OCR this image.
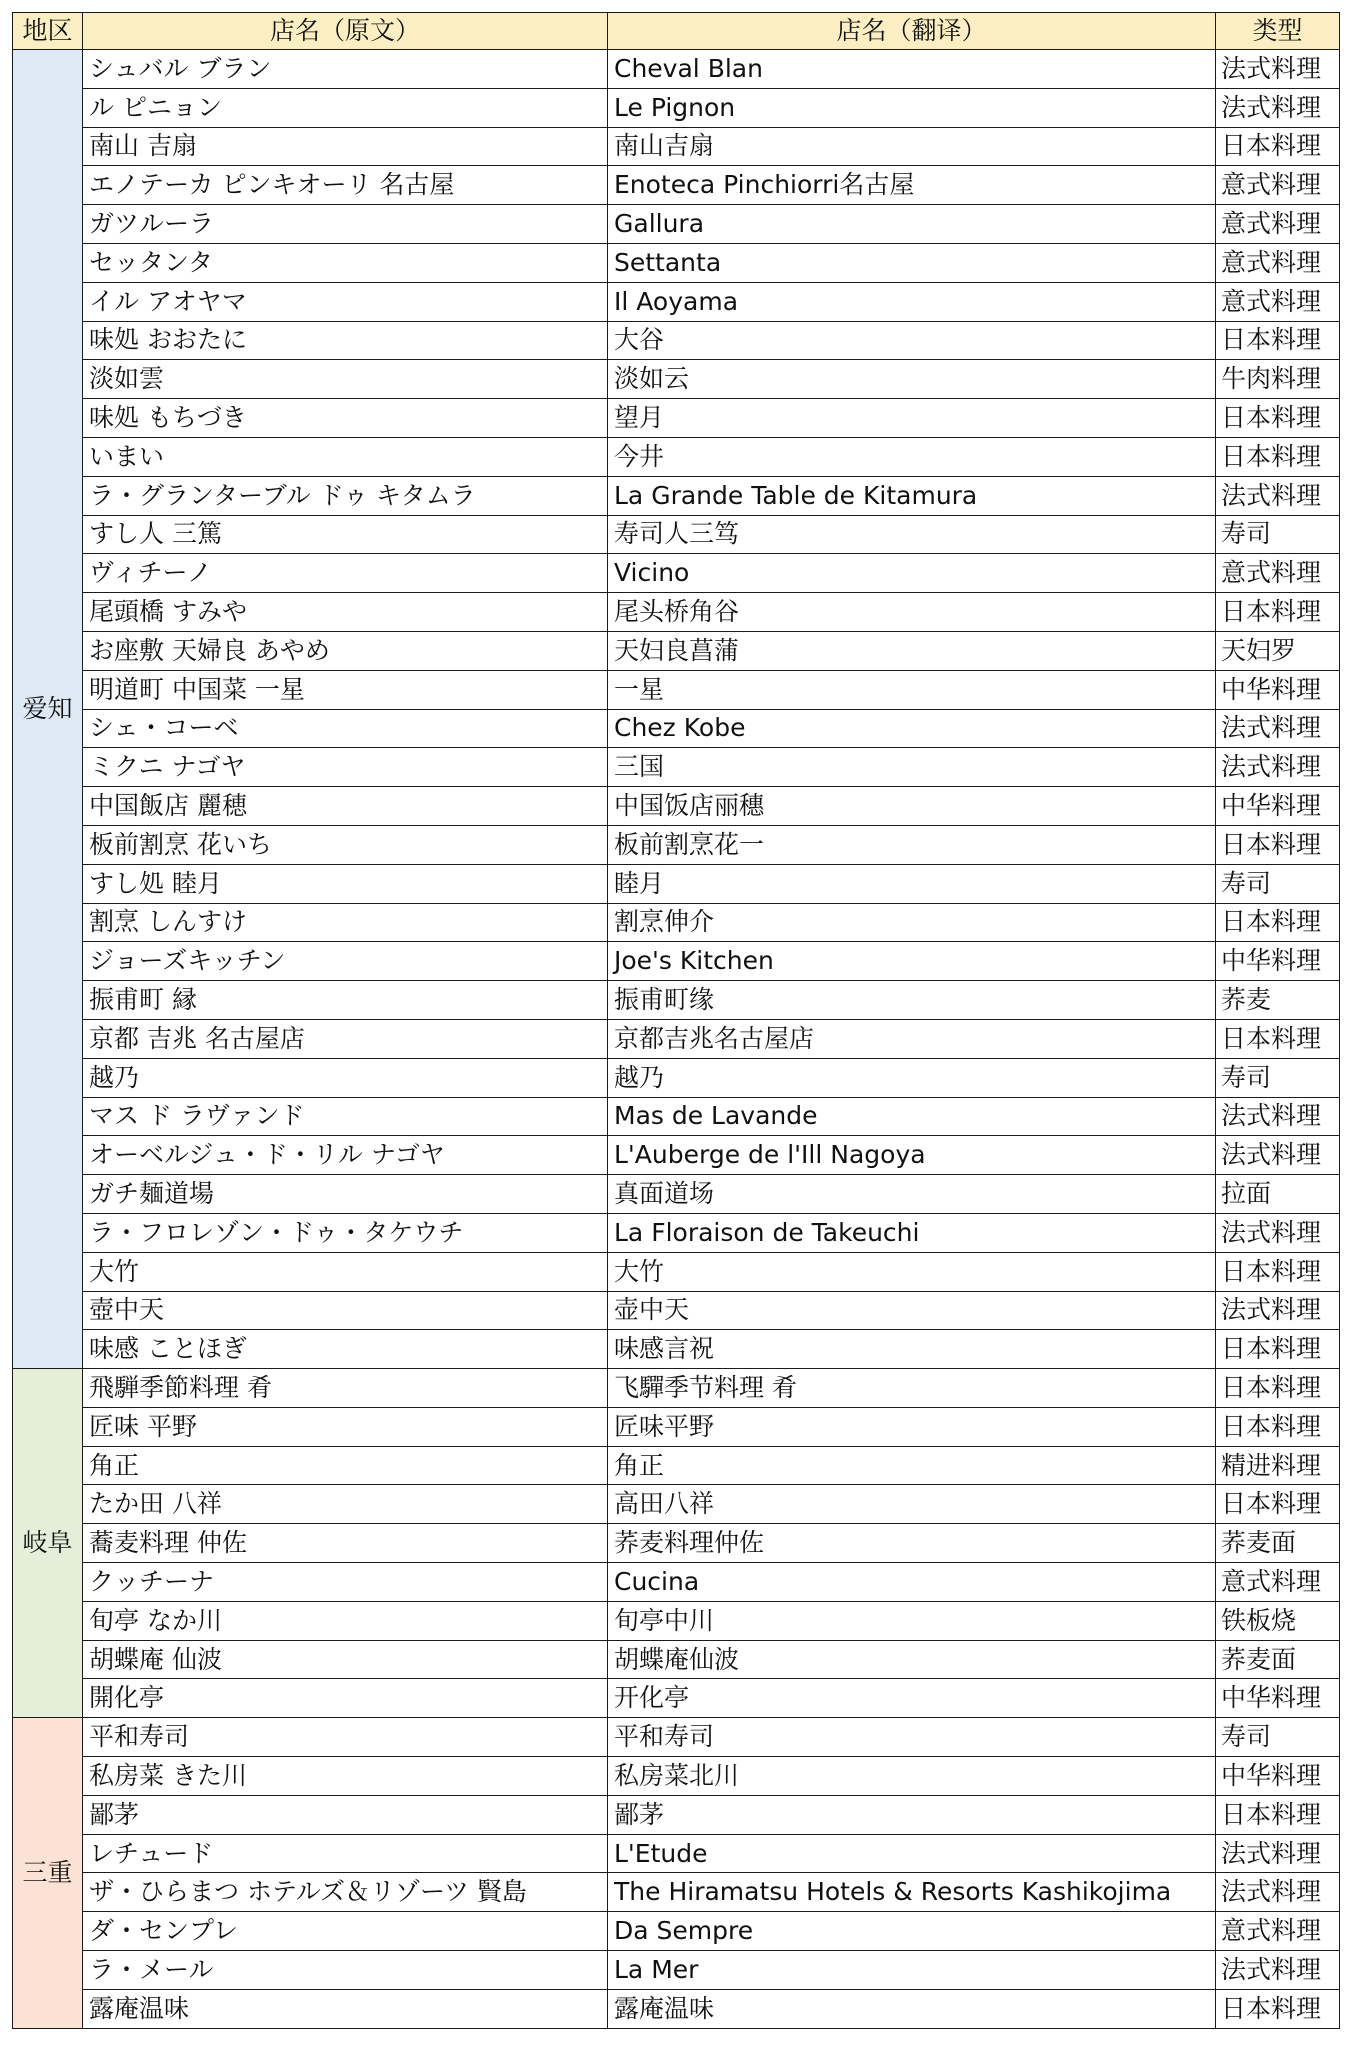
地区	店名（原文）	店名（翻译）	类型
爱知	シュバル ブラン	Cheval Blan	法式料理
	ル ピニョン	Le Pignon	法式料理
	南山 吉扇	南山吉扇	日本料理
	エノテーカ ピンキオーリ 名古屋	Enoteca Pinchiorri名古屋	意式料理
	ガツルーラ	Gallura	意式料理
	セッタンタ	Settanta	意式料理
	イル アオヤマ	Il Aoyama	意式料理
	味処 おおたに	大谷	日本料理
	淡如雲	淡如云	牛肉料理
	味処 もちづき	望月	日本料理
	いまい	今井	日本料理
	ラ・グランターブル ドゥ キタムラ	La Grande Table de Kitamura	法式料理
	すし人 三篤	寿司人三笃	寿司
	ヴィチーノ	Vicino	意式料理
	尾頭橋 すみや	尾头桥角谷	日本料理
	お座敷 天婦良 あやめ	天妇良菖蒲	天妇罗
	明道町 中国菜 一星	一星	中华料理
	シェ・コーベ	Chez Kobe	法式料理
	ミクニ ナゴヤ	三国	法式料理
	中国飯店 麗穂	中国饭店丽穗	中华料理
	板前割烹 花いち	板前割烹花一	日本料理
	すし処 睦月	睦月	寿司
	割烹 しんすけ	割烹伸介	日本料理
	ジョーズキッチン	Joe's Kitchen	中华料理
	振甫町 縁	振甫町缘	荞麦
	京都 吉兆 名古屋店	京都吉兆名古屋店	日本料理
	越乃	越乃	寿司
	マス ド ラヴァンド	Mas de Lavande	法式料理
	オーベルジュ・ド・リル ナゴヤ	L'Auberge de l'Ill Nagoya	法式料理
	ガチ麺道場	真面道场	拉面
	ラ・フロレゾン・ドゥ・タケウチ	La Floraison de Takeuchi	法式料理
	大竹	大竹	日本料理
	壺中天	壶中天	法式料理
	味感 ことほぎ	味感言祝	日本料理
岐阜	飛騨季節料理 肴	飞驒季节料理 肴	日本料理
	匠味 平野	匠味平野	日本料理
	角正	角正	精进料理
	たか田 八祥	高田八祥	日本料理
	蕎麦料理 仲佐	荞麦料理仲佐	荞麦面
	クッチーナ	Cucina	意式料理
	旬亭 なか川	旬亭中川	铁板烧
	胡蝶庵 仙波	胡蝶庵仙波	荞麦面
	開化亭	开化亭	中华料理
三重	平和寿司	平和寿司	寿司
	私房菜 きた川	私房菜北川	中华料理
	鄙茅	鄙茅	日本料理
	レチュード	L'Etude	法式料理
	ザ・ひらまつ ホテルズ＆リゾーツ 賢島	The Hiramatsu Hotels & Resorts Kashikojima	法式料理
	ダ・センプレ	Da Sempre	意式料理
	ラ・メール	La Mer	法式料理
	露庵温味	露庵温味	日本料理
